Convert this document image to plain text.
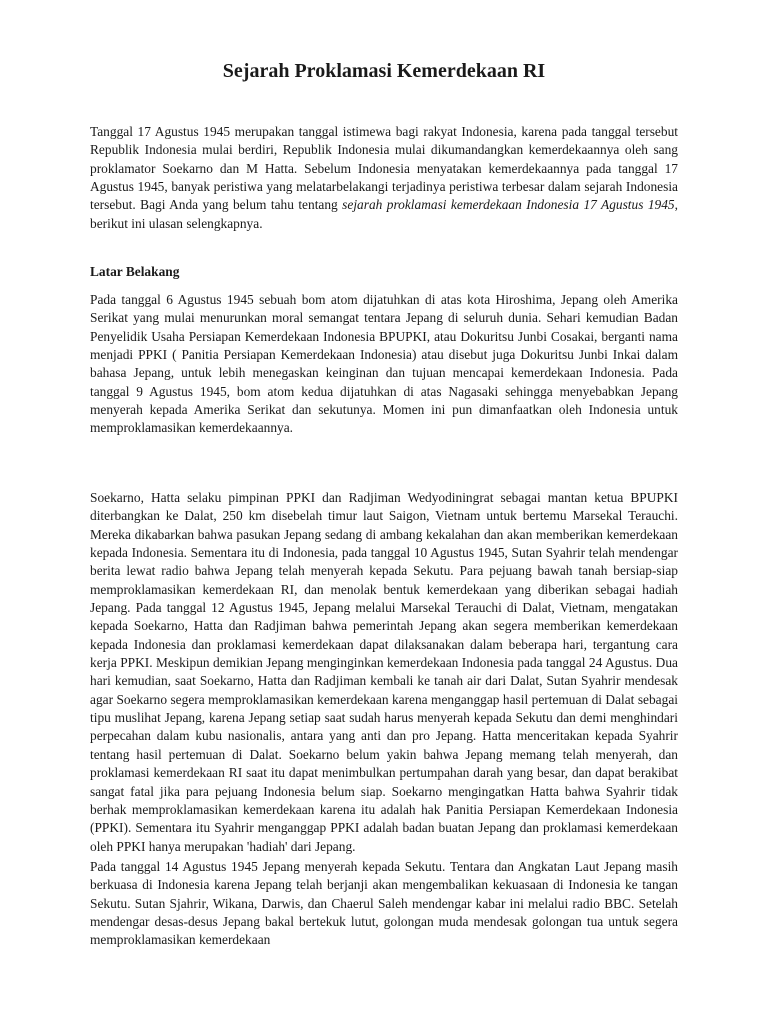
Sejarah Proklamasi Kemerdekaan RI

Tanggal 17 Agustus 1945 merupakan tanggal istimewa bagi rakyat Indonesia, karena pada tanggal tersebut Republik Indonesia mulai berdiri, Republik Indonesia mulai dikumandangkan kemerdekaannya oleh sang proklamator Soekarno dan M Hatta. Sebelum Indonesia menyatakan kemerdekaannya pada tanggal 17 Agustus 1945, banyak peristiwa yang melatarbelakangi terjadinya peristiwa terbesar dalam sejarah Indonesia tersebut. Bagi Anda yang belum tahu tentang sejarah proklamasi kemerdekaan Indonesia 17 Agustus 1945, berikut ini ulasan selengkapnya.

Latar Belakang

Pada tanggal 6 Agustus 1945 sebuah bom atom dijatuhkan di atas kota Hiroshima, Jepang oleh Amerika Serikat yang mulai menurunkan moral semangat tentara Jepang di seluruh dunia. Sehari kemudian Badan Penyelidik Usaha Persiapan Kemerdekaan Indonesia BPUPKI, atau Dokuritsu Junbi Cosakai, berganti nama menjadi PPKI ( Panitia Persiapan Kemerdekaan Indonesia) atau disebut juga Dokuritsu Junbi Inkai dalam bahasa Jepang, untuk lebih menegaskan keinginan dan tujuan mencapai kemerdekaan Indonesia. Pada tanggal 9 Agustus 1945, bom atom kedua dijatuhkan di atas Nagasaki sehingga menyebabkan Jepang menyerah kepada Amerika Serikat dan sekutunya. Momen ini pun dimanfaatkan oleh Indonesia untuk memproklamasikan kemerdekaannya.

Soekarno, Hatta selaku pimpinan PPKI dan Radjiman Wedyodiningrat sebagai mantan ketua BPUPKI diterbangkan ke Dalat, 250 km disebelah timur laut Saigon, Vietnam untuk bertemu Marsekal Terauchi. Mereka dikabarkan bahwa pasukan Jepang sedang di ambang kekalahan dan akan memberikan kemerdekaan kepada Indonesia. Sementara itu di Indonesia, pada tanggal 10 Agustus 1945, Sutan Syahrir telah mendengar berita lewat radio bahwa Jepang telah menyerah kepada Sekutu. Para pejuang bawah tanah bersiap-siap memproklamasikan kemerdekaan RI, dan menolak bentuk kemerdekaan yang diberikan sebagai hadiah Jepang. Pada tanggal 12 Agustus 1945, Jepang melalui Marsekal Terauchi di Dalat, Vietnam, mengatakan kepada Soekarno, Hatta dan Radjiman bahwa pemerintah Jepang akan segera memberikan kemerdekaan kepada Indonesia dan proklamasi kemerdekaan dapat dilaksanakan dalam beberapa hari, tergantung cara kerja PPKI. Meskipun demikian Jepang menginginkan kemerdekaan Indonesia pada tanggal 24 Agustus. Dua hari kemudian, saat Soekarno, Hatta dan Radjiman kembali ke tanah air dari Dalat, Sutan Syahrir mendesak agar Soekarno segera memproklamasikan kemerdekaan karena menganggap hasil pertemuan di Dalat sebagai tipu muslihat Jepang, karena Jepang setiap saat sudah harus menyerah kepada Sekutu dan demi menghindari perpecahan dalam kubu nasionalis, antara yang anti dan pro Jepang. Hatta menceritakan kepada Syahrir tentang hasil pertemuan di Dalat. Soekarno belum yakin bahwa Jepang memang telah menyerah, dan proklamasi kemerdekaan RI saat itu dapat menimbulkan pertumpahan darah yang besar, dan dapat berakibat sangat fatal jika para pejuang Indonesia belum siap. Soekarno mengingatkan Hatta bahwa Syahrir tidak berhak memproklamasikan kemerdekaan karena itu adalah hak Panitia Persiapan Kemerdekaan Indonesia (PPKI). Sementara itu Syahrir menganggap PPKI adalah badan buatan Jepang dan proklamasi kemerdekaan oleh PPKI hanya merupakan 'hadiah' dari Jepang.

Pada tanggal 14 Agustus 1945 Jepang menyerah kepada Sekutu. Tentara dan Angkatan Laut Jepang masih berkuasa di Indonesia karena Jepang telah berjanji akan mengembalikan kekuasaan di Indonesia ke tangan Sekutu. Sutan Sjahrir, Wikana, Darwis, dan Chaerul Saleh mendengar kabar ini melalui radio BBC. Setelah mendengar desas-desus Jepang bakal bertekuk lutut, golongan muda mendesak golongan tua untuk segera memproklamasikan kemerdekaan
